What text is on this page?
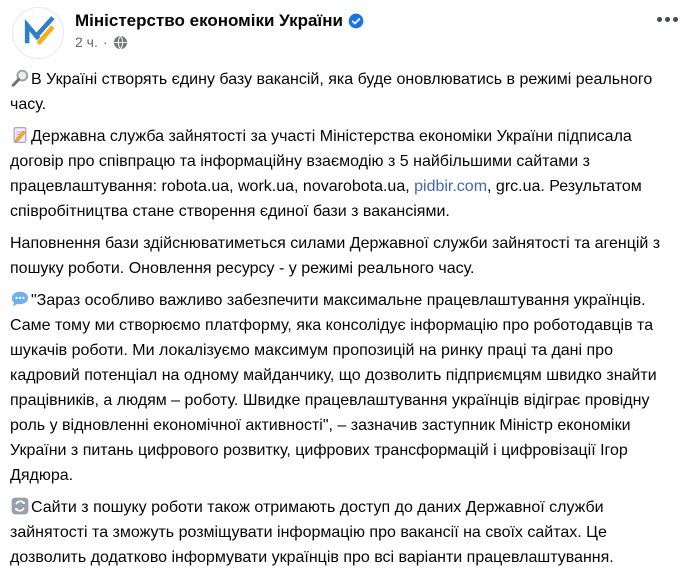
Міністерство економіки України
2 ч. ·

В Україні створять єдину базу вакансій, яка буде оновлюватись в режимі реального часу.

Державна служба зайнятості за участі Міністерства економіки України підписала  договір про співпрацю та інформаційну взаємодію з 5 найбільшими сайтами з працевлаштування: robota.ua, work.ua, novarobota.ua, pidbir.com, grc.ua. Результатом співробітництва стане створення єдиної бази з вакансіями.

Наповнення бази здійснюватиметься силами Державної служби зайнятості та агенцій з пошуку роботи. Оновлення ресурсу - у режимі реального часу.

"Зараз особливо важливо забезпечити максимальне працевлаштування українців. Саме тому ми створюємо платформу, яка консолідує інформацію про роботодавців та шукачів роботи. Ми локалізуємо максимум пропозицій на ринку праці та дані про кадровий потенціал на одному майданчику, що дозволить підприємцям швидко знайти працівників, а людям – роботу. Швидке працевлаштування українців відіграє провідну роль у відновленні економічної активності", – зазначив заступник Міністр економіки України з питань цифрового розвитку, цифрових трансформацій і цифровізації Ігор Дядюра.

Сайти з пошуку роботи також отримають доступ до даних Державної служби зайнятості та зможуть розміщувати інформацію про вакансії на своїх сайтах. Це дозволить додатково інформувати українців про всі варіанти працевлаштування.
